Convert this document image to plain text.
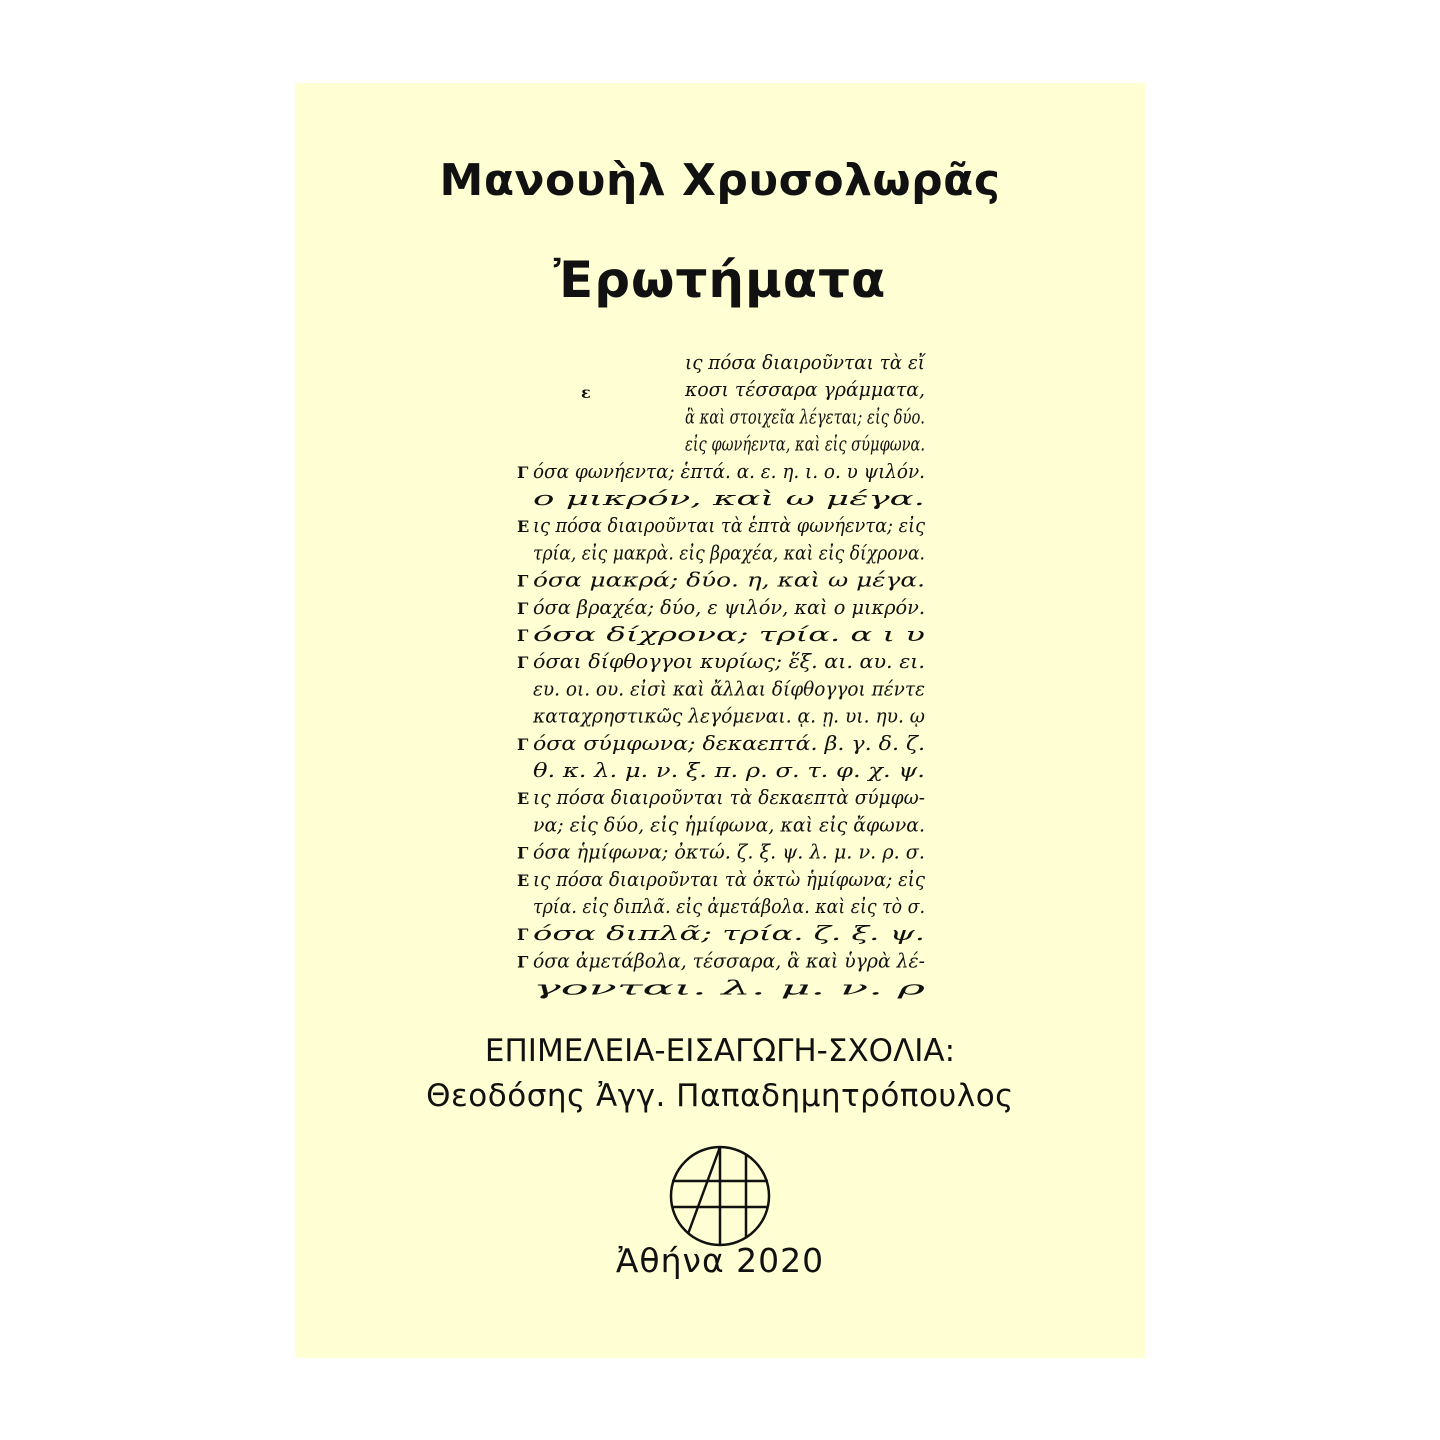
Μανουὴλ Χρυσολωρᾶς
Ἐρωτήματα
ε
ις πόσα διαιροῦνται τὰ εἴ
κοσι τέσσαρα γράμματα,
ἃ καὶ στοιχεῖα λέγεται; εἰς δύο.
εἰς φωνήεντα, καὶ εἰς σύμφωνα.
Γ όσα φωνήεντα; ἑπτά. α. ε. η. ι. ο. υ ψιλόν.
ο μικρόν, καὶ ω μέγα.
Ε ις πόσα διαιροῦνται τὰ ἑπτὰ φωνήεντα; εἰς
τρία, εἰς μακρὰ. εἰς βραχέα, καὶ εἰς δίχρονα.
Γ όσα μακρά; δύο. η, καὶ ω μέγα.
Γ όσα βραχέα; δύο, ε ψιλόν, καὶ ο μικρόν.
Γ όσα δίχρονα; τρία. α ι υ
Γ όσαι δίφθογγοι κυρίως; ἕξ. αι. αυ. ει.
ευ. οι. ου. εἰσὶ καὶ ἄλλαι δίφθογγοι πέντε
καταχρηστικῶς λεγόμεναι. ᾳ. ῃ. υι. ηυ. ῳ
Γ όσα σύμφωνα; δεκαεπτά. β. γ. δ. ζ.
θ. κ. λ. μ. ν. ξ. π. ρ. σ. τ. φ. χ. ψ.
Ε ις πόσα διαιροῦνται τὰ δεκαεπτὰ σύμφω-
να; εἰς δύο, εἰς ἡμίφωνα, καὶ εἰς ἄφωνα.
Γ όσα ἡμίφωνα; ὀκτώ. ζ. ξ. ψ. λ. μ. ν. ρ. σ.
Ε ις πόσα διαιροῦνται τὰ ὀκτὼ ἡμίφωνα; εἰς
τρία. εἰς διπλᾶ. εἰς ἀμετάβολα. καὶ εἰς τὸ σ.
Γ όσα διπλᾶ; τρία. ζ. ξ. ψ.
Γ όσα ἀμετάβολα, τέσσαρα, ἃ καὶ ὑγρὰ λέ-
γονται. λ. μ. ν. ρ
ΕΠΙΜΕΛΕΙΑ-ΕΙΣΑΓΩΓΗ-ΣΧΟΛΙΑ:
Θεοδόσης Ἀγγ. Παπαδημητρόπουλος
Ἀθήνα 2020
